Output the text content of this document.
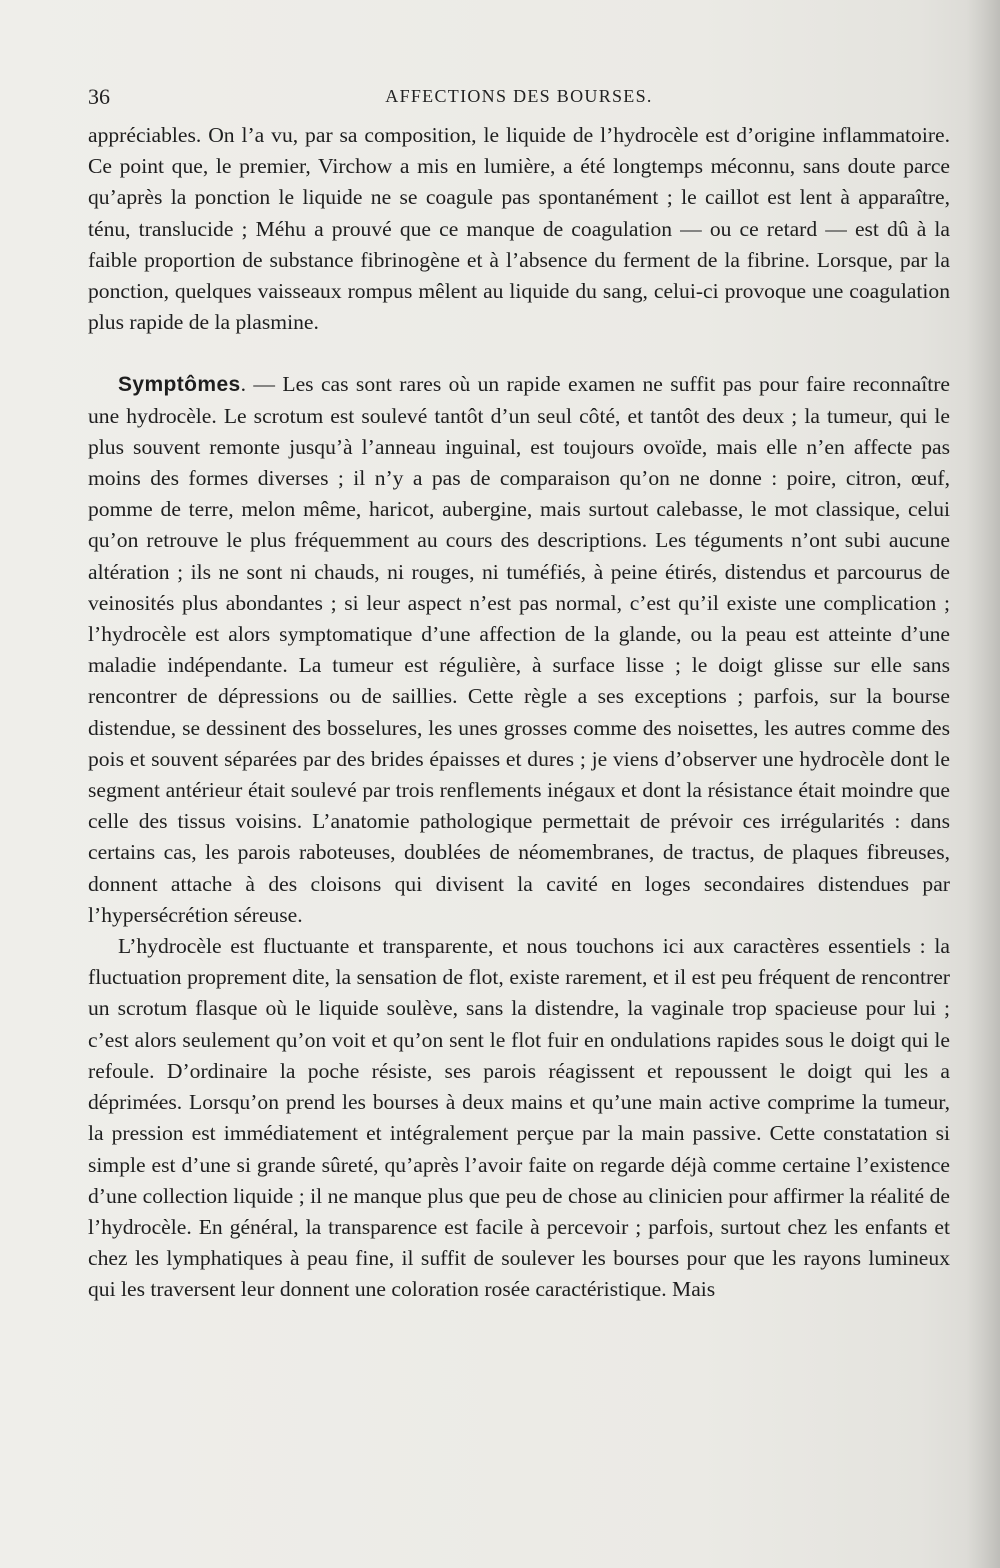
36	AFFECTIONS DES BOURSES.

appréciables. On l’a vu, par sa composition, le liquide de l’hydrocèle est d’origine inflammatoire. Ce point que, le premier, Virchow a mis en lumière, a été longtemps méconnu, sans doute parce qu’après la ponction le liquide ne se coagule pas spontanément ; le caillot est lent à apparaître, ténu, translucide ; Méhu a prouvé que ce manque de coagulation — ou ce retard — est dû à la faible proportion de substance fibrinogène et à l’absence du ferment de la fibrine. Lorsque, par la ponction, quelques vaisseaux rompus mêlent au liquide du sang, celui-ci provoque une coagulation plus rapide de la plasmine.

Symptômes. — Les cas sont rares où un rapide examen ne suffit pas pour faire reconnaître une hydrocèle. Le scrotum est soulevé tantôt d’un seul côté, et tantôt des deux ; la tumeur, qui le plus souvent remonte jusqu’à l’anneau inguinal, est toujours ovoïde, mais elle n’en affecte pas moins des formes diverses ; il n’y a pas de comparaison qu’on ne donne : poire, citron, œuf, pomme de terre, melon même, haricot, aubergine, mais surtout calebasse, le mot classique, celui qu’on retrouve le plus fréquemment au cours des descriptions. Les téguments n’ont subi aucune altération ; ils ne sont ni chauds, ni rouges, ni tuméfiés, à peine étirés, distendus et parcourus de veinosités plus abondantes ; si leur aspect n’est pas normal, c’est qu’il existe une complication ; l’hydrocèle est alors symptomatique d’une affection de la glande, ou la peau est atteinte d’une maladie indépendante. La tumeur est régulière, à surface lisse ; le doigt glisse sur elle sans rencontrer de dépressions ou de saillies. Cette règle a ses exceptions ; parfois, sur la bourse distendue, se dessinent des bosselures, les unes grosses comme des noisettes, les autres comme des pois et souvent séparées par des brides épaisses et dures ; je viens d’observer une hydrocèle dont le segment antérieur était soulevé par trois renflements inégaux et dont la résistance était moindre que celle des tissus voisins. L’anatomie pathologique permettait de prévoir ces irrégularités : dans certains cas, les parois raboteuses, doublées de néomembranes, de tractus, de plaques fibreuses, donnent attache à des cloisons qui divisent la cavité en loges secondaires distendues par l’hypersécrétion séreuse.

L’hydrocèle est fluctuante et transparente, et nous touchons ici aux caractères essentiels : la fluctuation proprement dite, la sensation de flot, existe rarement, et il est peu fréquent de rencontrer un scrotum flasque où le liquide soulève, sans la distendre, la vaginale trop spacieuse pour lui ; c’est alors seulement qu’on voit et qu’on sent le flot fuir en ondulations rapides sous le doigt qui le refoule. D’ordinaire la poche résiste, ses parois réagissent et repoussent le doigt qui les a déprimées. Lorsqu’on prend les bourses à deux mains et qu’une main active comprime la tumeur, la pression est immédiatement et intégralement perçue par la main passive. Cette constatation si simple est d’une si grande sûreté, qu’après l’avoir faite on regarde déjà comme certaine l’existence d’une collection liquide ; il ne manque plus que peu de chose au clinicien pour affirmer la réalité de l’hydrocèle. En général, la transparence est facile à percevoir ; parfois, surtout chez les enfants et chez les lymphatiques à peau fine, il suffit de soulever les bourses pour que les rayons lumineux qui les traversent leur donnent une coloration rosée caractéristique. Mais
